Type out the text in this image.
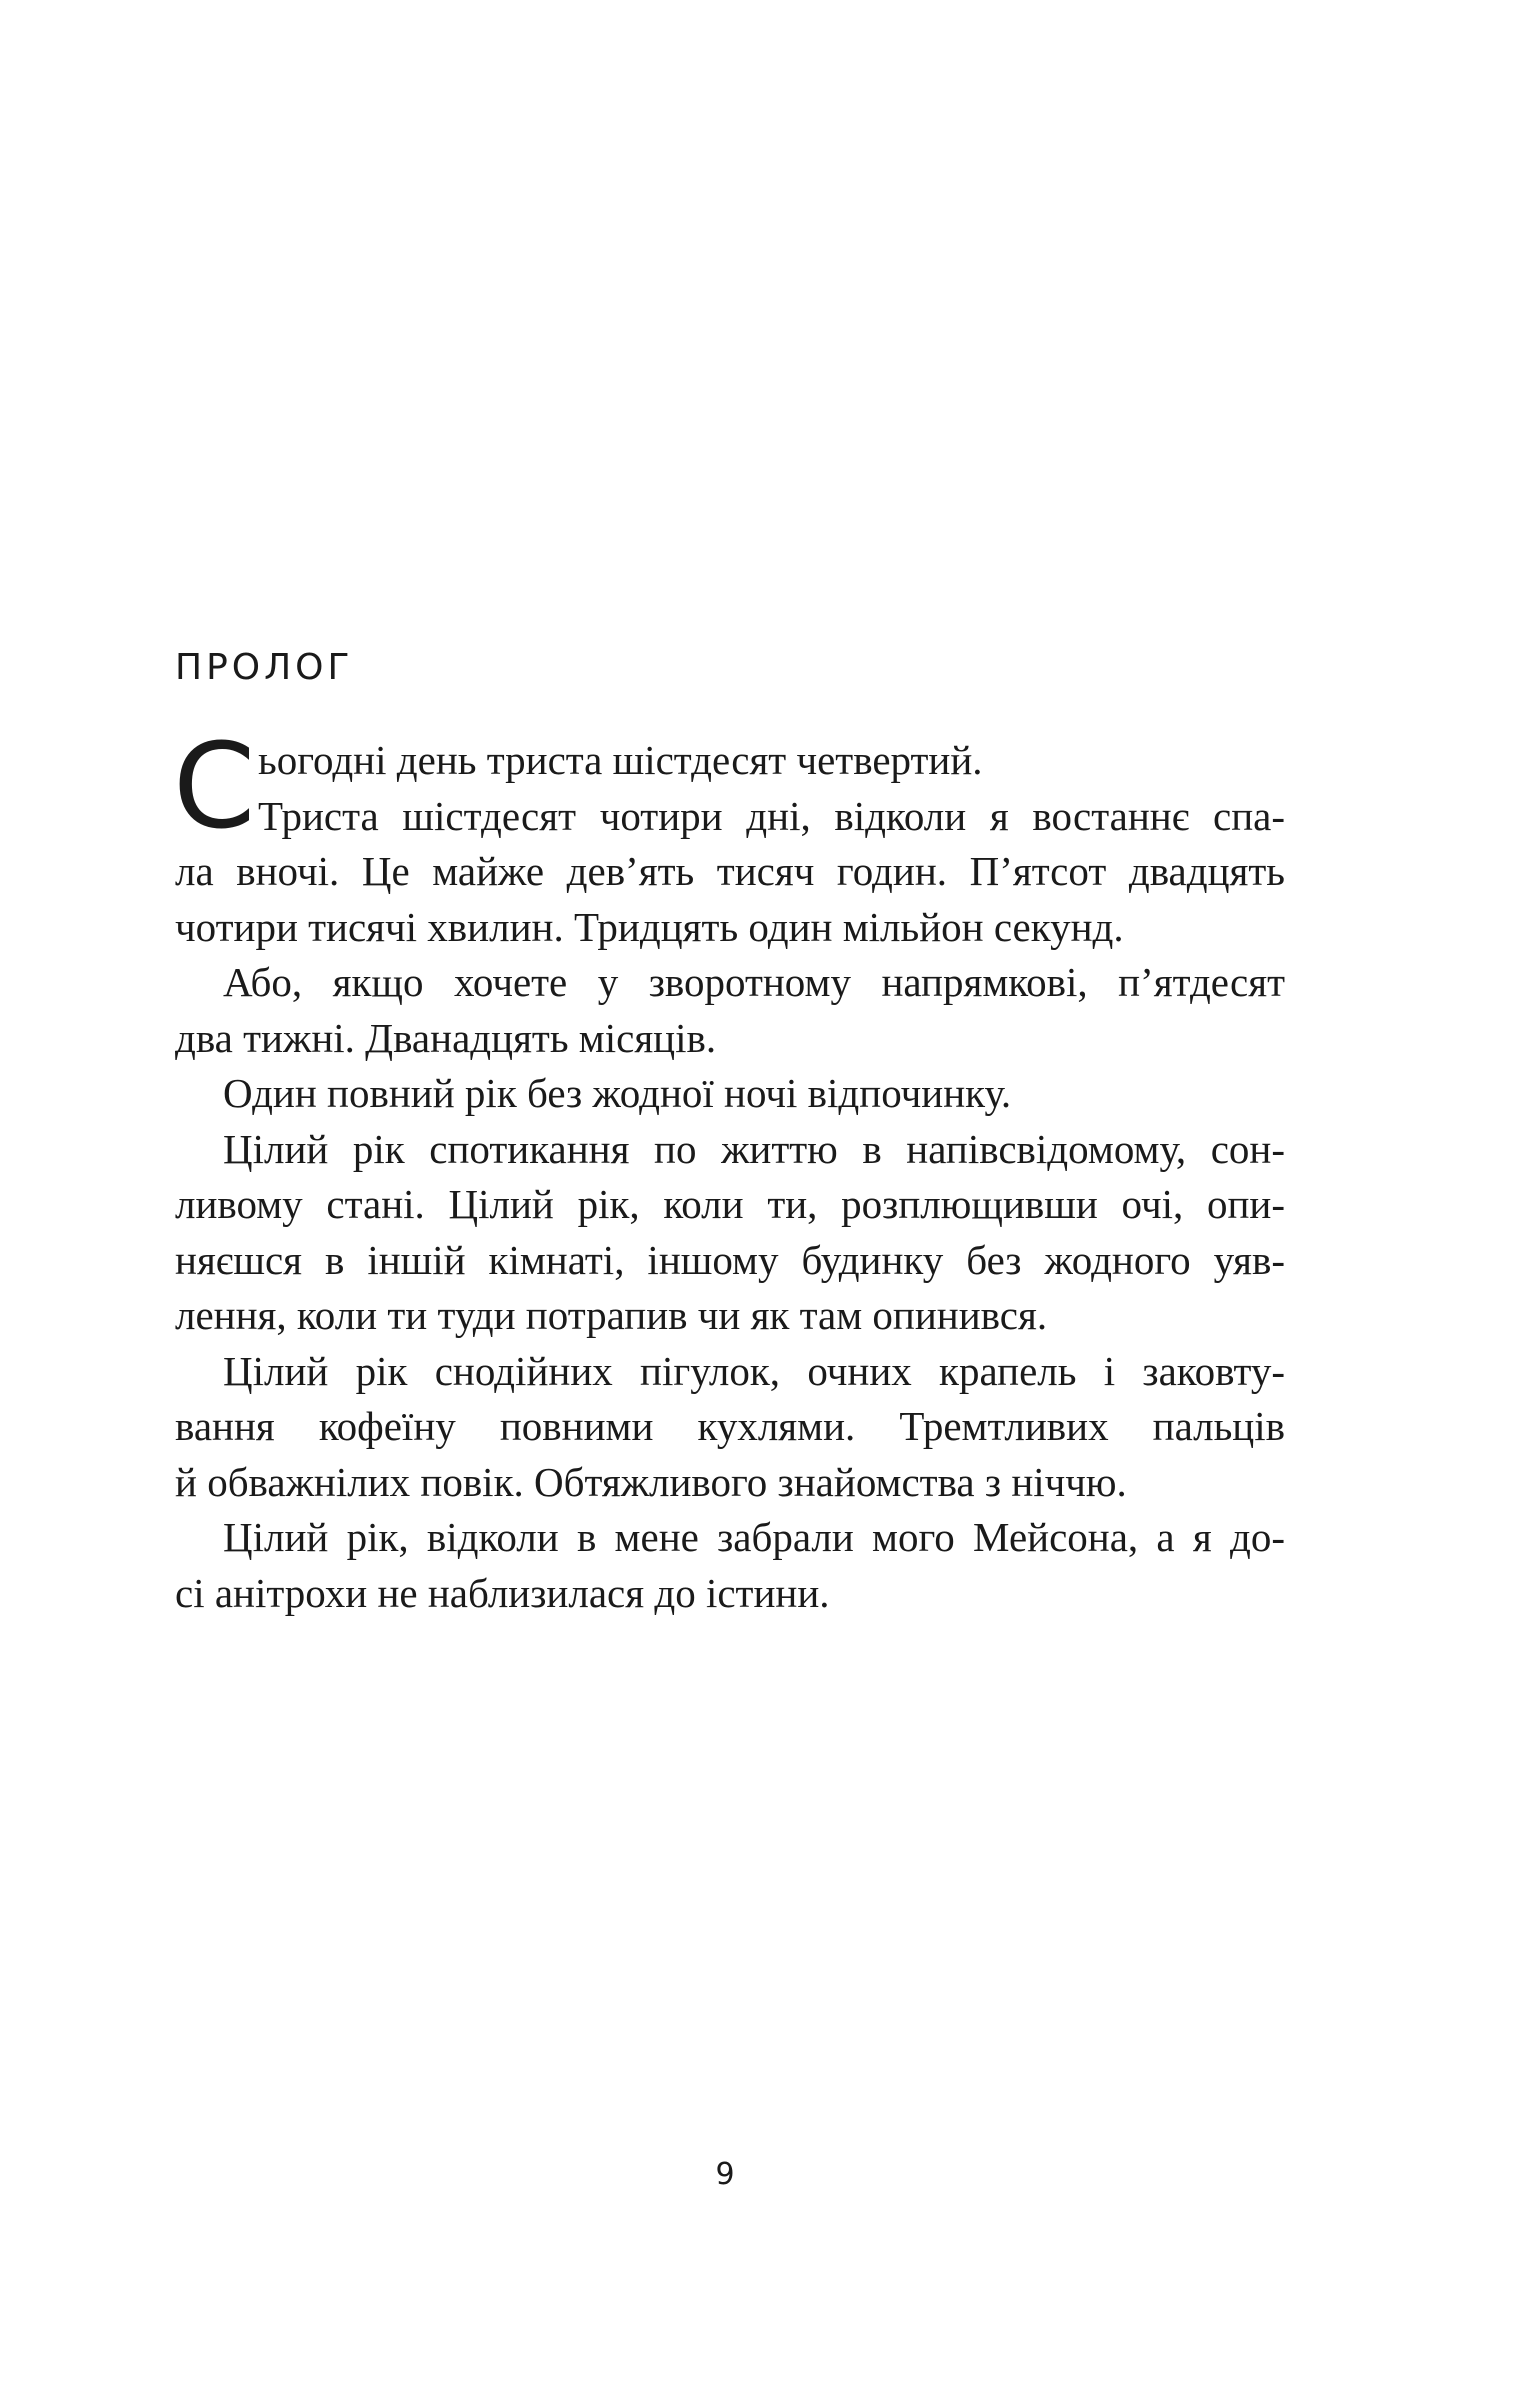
ПРОЛОГ
С ьогодні день триста шістдесят четвертий.
Триста шістдесят чотири дні, відколи я востаннє спа-
ла вночі. Це майже дев’ять тисяч годин. П’ятсот двадцять
чотири тисячі хвилин. Тридцять один мільйон секунд.
Або, якщо хочете у зворотному напрямкові, п’ятдесят
два тижні. Дванадцять місяців.
Один повний рік без жодної ночі відпочинку.
Цілий рік спотикання по життю в напівсвідомому, сон-
ливому стані. Цілий рік, коли ти, розплющивши очі, опи-
няєшся в іншій кімнаті, іншому будинку без жодного уяв-
лення, коли ти туди потрапив чи як там опинився.
Цілий рік снодійних пігулок, очних крапель і заковту-
вання кофеїну повними кухлями. Тремтливих пальців
й обважнілих повік. Обтяжливого знайомства з ніччю.
Цілий рік, відколи в мене забрали мого Мейсона, а я до-
сі анітрохи не наблизилася до істини.
9
